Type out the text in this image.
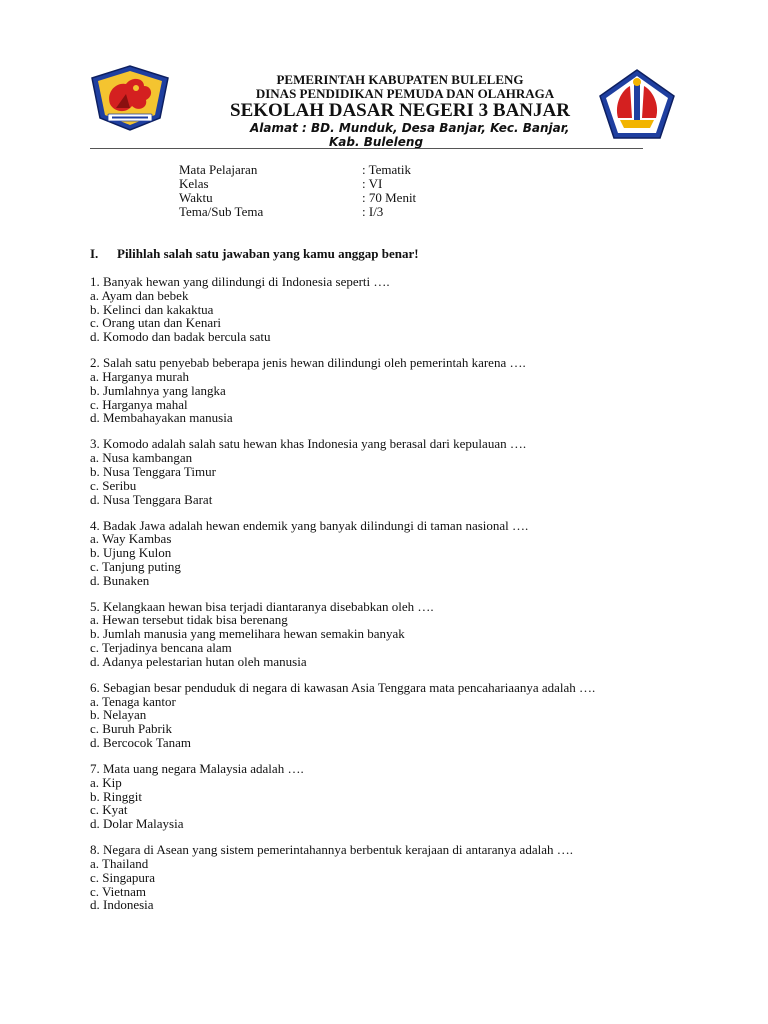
PEMERINTAH KABUPATEN BULELENG
DINAS PENDIDIKAN PEMUDA DAN OLAHRAGA
SEKOLAH DASAR NEGERI 3 BANJAR
Alamat : BD. Munduk, Desa Banjar, Kec. Banjar,
Kab. Buleleng
Mata Pelajaran	: Tematik
Kelas	: VI
Waktu	: 70 Menit
Tema/Sub Tema	: I/3
I. Pilihlah salah satu jawaban yang kamu anggap benar!
1. Banyak hewan yang dilindungi di Indonesia seperti ….
a. Ayam dan bebek
b. Kelinci dan kakaktua
c. Orang utan dan Kenari
d. Komodo dan badak bercula satu
2. Salah satu penyebab beberapa jenis hewan dilindungi oleh pemerintah karena ….
a. Harganya murah
b. Jumlahnya yang langka
c. Harganya mahal
d. Membahayakan manusia
3. Komodo adalah salah satu hewan khas Indonesia yang berasal dari kepulauan ….
a. Nusa kambangan
b. Nusa Tenggara Timur
c. Seribu
d. Nusa Tenggara Barat
4. Badak Jawa adalah hewan endemik yang banyak dilindungi di taman nasional ….
a. Way Kambas
b. Ujung Kulon
c. Tanjung puting
d. Bunaken
5. Kelangkaan hewan bisa terjadi diantaranya disebabkan oleh ….
a. Hewan tersebut tidak bisa berenang
b. Jumlah manusia yang memelihara hewan semakin banyak
c. Terjadinya bencana alam
d. Adanya pelestarian hutan oleh manusia
6. Sebagian besar penduduk di negara di kawasan Asia Tenggara mata pencahariaanya adalah ….
a. Tenaga kantor
b. Nelayan
c. Buruh Pabrik
d. Bercocok Tanam
7. Mata uang negara Malaysia adalah ….
a. Kip
b. Ringgit
c. Kyat
d. Dolar Malaysia
8. Negara di Asean yang sistem pemerintahannya berbentuk kerajaan di antaranya adalah ….
a. Thailand
c. Singapura
c. Vietnam
d. Indonesia
